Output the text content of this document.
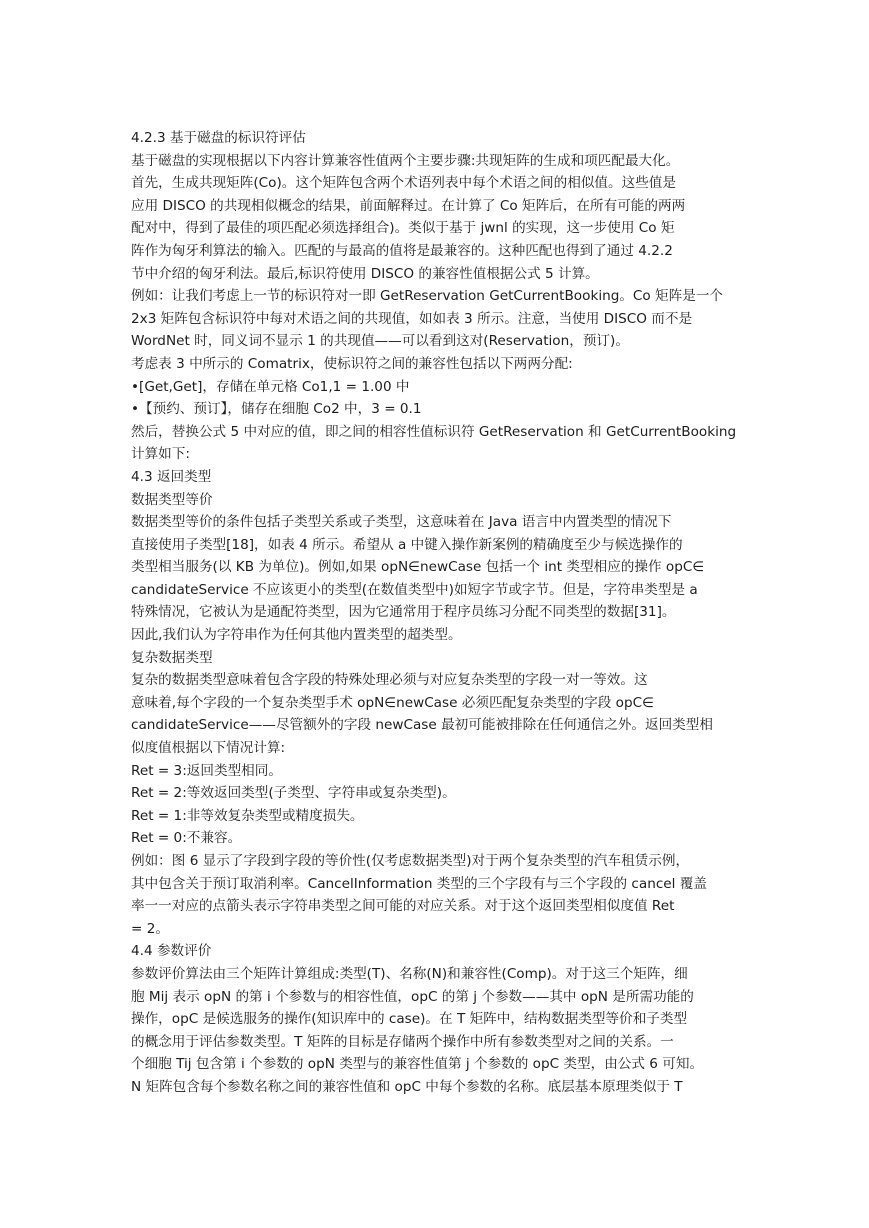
4.2.3 基于磁盘的标识符评估
基于磁盘的实现根据以下内容计算兼容性值两个主要步骤:共现矩阵的生成和项匹配最大化。
首先，生成共现矩阵(Co)。这个矩阵包含两个术语列表中每个术语之间的相似值。这些值是
应用 DISCO 的共现相似概念的结果，前面解释过。在计算了 Co 矩阵后，在所有可能的两两
配对中，得到了最佳的项匹配必须选择组合)。类似于基于 jwnl 的实现，这一步使用 Co 矩
阵作为匈牙利算法的输入。匹配的与最高的值将是最兼容的。这种匹配也得到了通过 4.2.2
节中介绍的匈牙利法。最后,标识符使用 DISCO 的兼容性值根据公式 5 计算。
例如：让我们考虑上一节的标识符对一即 GetReservation GetCurrentBooking。Co 矩阵是一个
2x3 矩阵包含标识符中每对术语之间的共现值，如如表 3 所示。注意，当使用 DISCO 而不是
WordNet 时，同义词不显示 1 的共现值——可以看到这对(Reservation，预订)。
考虑表 3 中所示的 Comatrix，使标识符之间的兼容性包括以下两两分配:
•[Get,Get]，存储在单元格 Co1,1 = 1.00 中
•【预约、预订】，储存在细胞 Co2 中，3 = 0.1
然后，替换公式 5 中对应的值，即之间的相容性值标识符 GetReservation 和 GetCurrentBooking
计算如下:
4.3 返回类型
数据类型等价
数据类型等价的条件包括子类型关系或子类型，这意味着在 Java 语言中内置类型的情况下
直接使用子类型[18]，如表 4 所示。希望从 a 中键入操作新案例的精确度至少与候选操作的
类型相当服务(以 KB 为单位)。例如,如果 opN∈newCase 包括一个 int 类型相应的操作 opC∈
candidateService 不应该更小的类型(在数值类型中)如短字节或字节。但是，字符串类型是 a
特殊情况，它被认为是通配符类型，因为它通常用于程序员练习分配不同类型的数据[31]。
因此,我们认为字符串作为任何其他内置类型的超类型。
复杂数据类型
复杂的数据类型意味着包含字段的特殊处理必须与对应复杂类型的字段一对一等效。这
意味着,每个字段的一个复杂类型手术 opN∈newCase 必须匹配复杂类型的字段 opC∈
candidateService——尽管额外的字段 newCase 最初可能被排除在任何通信之外。返回类型相
似度值根据以下情况计算:
Ret = 3:返回类型相同。
Ret = 2:等效返回类型(子类型、字符串或复杂类型)。
Ret = 1:非等效复杂类型或精度损失。
Ret = 0:不兼容。
例如：图 6 显示了字段到字段的等价性(仅考虑数据类型)对于两个复杂类型的汽车租赁示例，
其中包含关于预订取消利率。CancelInformation 类型的三个字段有与三个字段的 cancel 覆盖
率一一对应的点箭头表示字符串类型之间可能的对应关系。对于这个返回类型相似度值 Ret
= 2。
4.4 参数评价
参数评价算法由三个矩阵计算组成:类型(T)、名称(N)和兼容性(Comp)。对于这三个矩阵，细
胞 Mij 表示 opN 的第 i 个参数与的相容性值，opC 的第 j 个参数——其中 opN 是所需功能的
操作，opC 是候选服务的操作(知识库中的 case)。在 T 矩阵中，结构数据类型等价和子类型
的概念用于评估参数类型。T 矩阵的目标是存储两个操作中所有参数类型对之间的关系。一
个细胞 Tij 包含第 i 个参数的 opN 类型与的兼容性值第 j 个参数的 opC 类型，由公式 6 可知。
N 矩阵包含每个参数名称之间的兼容性值和 opC 中每个参数的名称。底层基本原理类似于 T
